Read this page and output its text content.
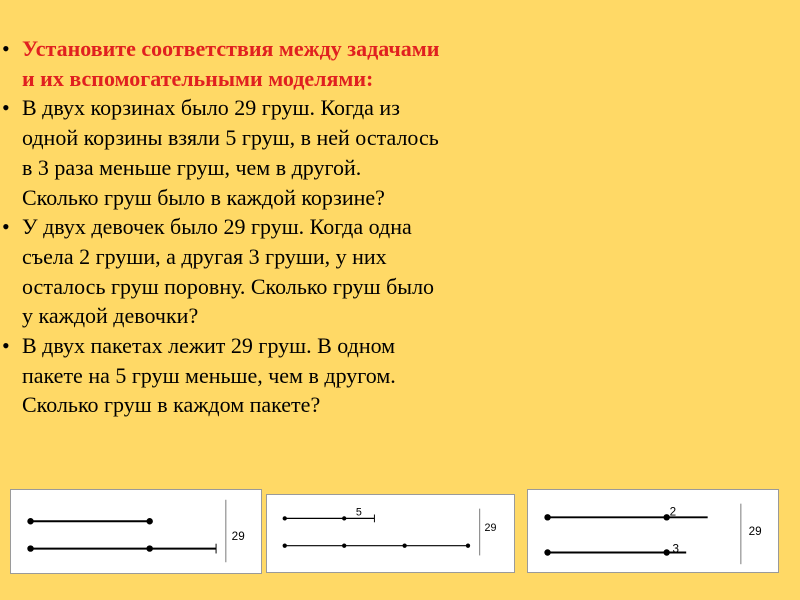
• Установите соответствия между задачами
и их вспомогательными моделями:
• В двух корзинах было 29 груш. Когда из
одной корзины взяли 5 груш, в ней осталось
в 3 раза меньше груш, чем в другой.
Сколько груш было в каждой корзине?
• У двух девочек было 29 груш. Когда одна
съела 2 груши, а другая 3 груши, у них
осталось груш поровну. Сколько груш было
у каждой девочки?
• В двух пакетах лежит 29 груш. В одном
пакете на 5 груш меньше, чем в другом.
Сколько груш в каждом пакете?
5	29
5
29
2
3
29
